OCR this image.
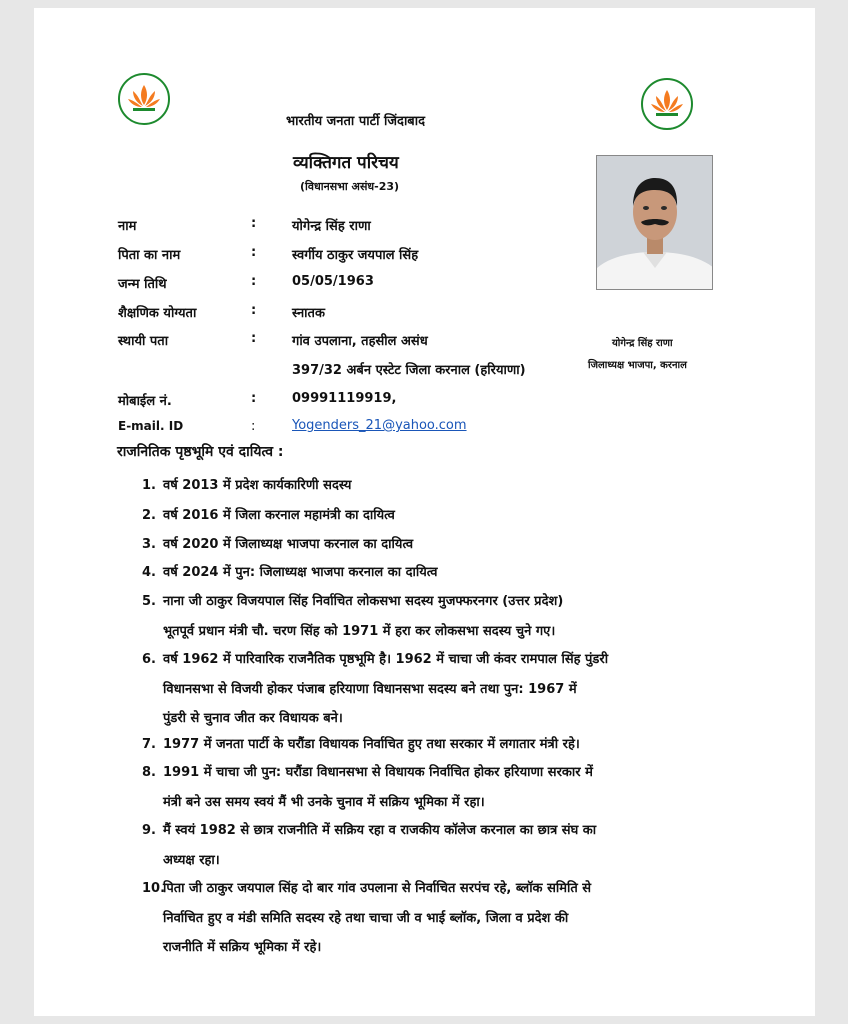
भारतीय जनता पार्टी जिंदाबाद
व्यक्तिगत परिचय
(विधानसभा असंध-23)
योगेन्द्र सिंह राणा
जिलाध्यक्ष भाजपा, करनाल
नाम	:	योगेन्द्र सिंह राणा
पिता का नाम	:	स्वर्गीय ठाकुर जयपाल सिंह
जन्म तिथि	:	05/05/1963
शैक्षणिक योग्यता	:	स्नातक
स्थायी पता	:	गांव उपलाना, तहसील असंध
397/32 अर्बन एस्टेट जिला करनाल (हरियाणा)
मोबाईल नं.	:	09991119919,
E-mail. ID	:	Yogenders_21@yahoo.com
राजनितिक पृष्ठभूमि एवं दायित्व :
1. वर्ष 2013 में प्रदेश कार्यकारिणी सदस्य
2. वर्ष 2016 में जिला करनाल महामंत्री का दायित्व
3. वर्ष 2020 में जिलाध्यक्ष भाजपा करनाल का दायित्व
4. वर्ष 2024 में पुन: जिलाध्यक्ष भाजपा करनाल का दायित्व
5. नाना जी ठाकुर विजयपाल सिंह निर्वाचित लोकसभा सदस्य मुजफ्फरनगर (उत्तर प्रदेश)
भूतपूर्व प्रधान मंत्री चौ. चरण सिंह को 1971 में हरा कर लोकसभा सदस्य चुने गए।
6. वर्ष 1962 में पारिवारिक राजनैतिक पृष्ठभूमि है। 1962 में चाचा जी कंवर रामपाल सिंह पुंडरी
विधानसभा से विजयी होकर पंजाब हरियाणा विधानसभा सदस्य बने तथा पुन: 1967 में
पुंडरी से चुनाव जीत कर विधायक बने।
7. 1977 में जनता पार्टी के घरौंडा विधायक निर्वाचित हुए तथा सरकार में लगातार मंत्री रहे।
8. 1991 में चाचा जी पुन: घरौंडा विधानसभा से विधायक निर्वाचित होकर हरियाणा सरकार में
मंत्री बने उस समय स्वयं मैं भी उनके चुनाव में सक्रिय भूमिका में रहा।
9. मैं स्वयं 1982 से छात्र राजनीति में सक्रिय रहा व राजकीय कॉलेज करनाल का छात्र संघ का
अध्यक्ष रहा।
10.पिता जी ठाकुर जयपाल सिंह दो बार गांव उपलाना से निर्वाचित सरपंच रहे, ब्लॉक समिति से
निर्वाचित हुए व मंडी समिति सदस्य रहे तथा चाचा जी व भाई ब्लॉक, जिला व प्रदेश की
राजनीति में सक्रिय भूमिका में रहे।
